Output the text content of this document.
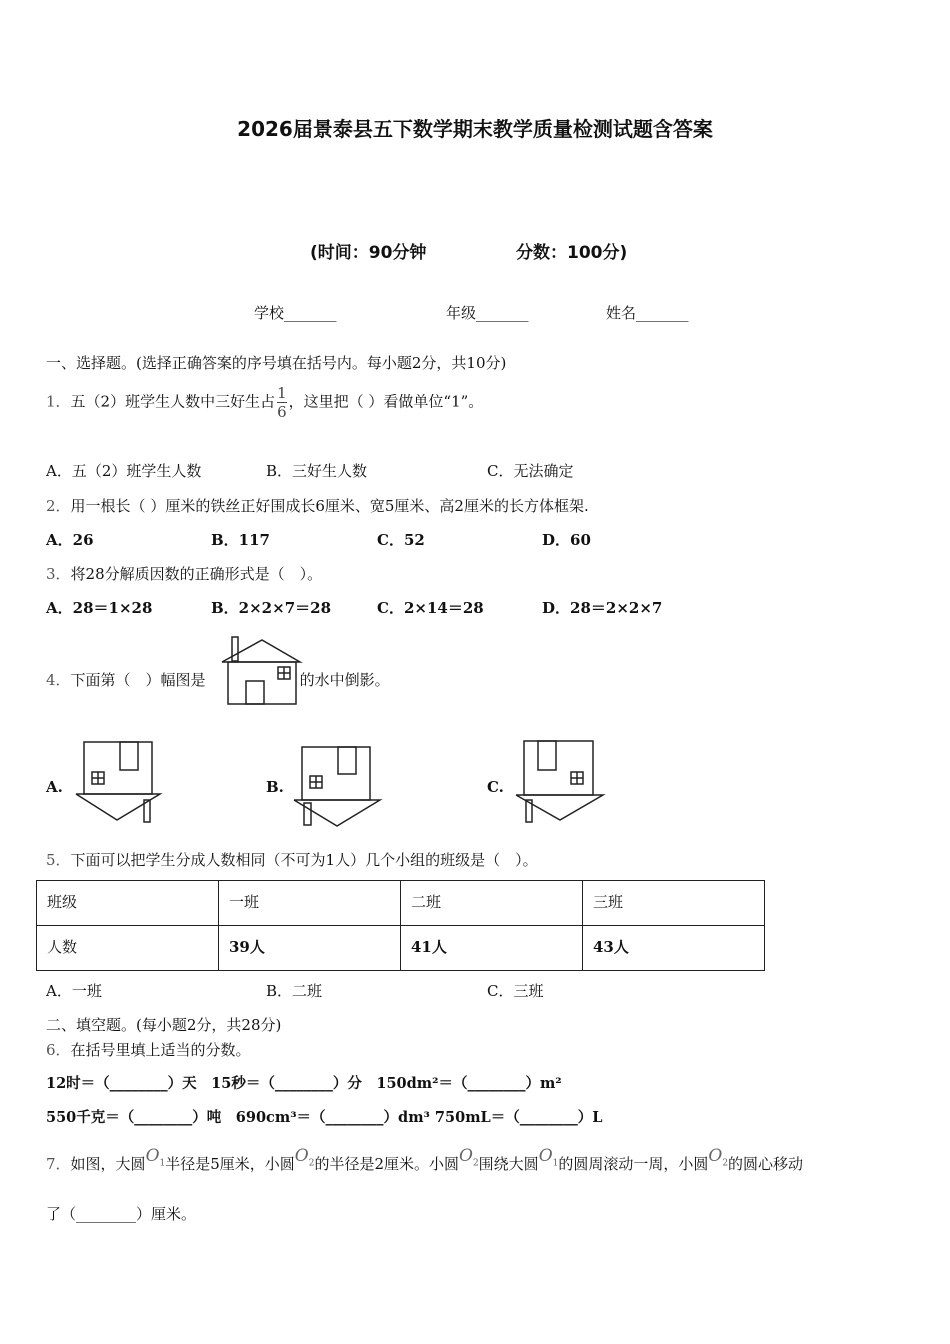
2026届景泰县五下数学期末教学质量检测试题含答案
(时间：90分钟	分数：100分)
学校_______	年级_______	姓名_______
一、选择题。(选择正确答案的序号填在括号内。每小题2分，共10分)
1．五（2）班学生人数中三好生占 $\frac{1}{6}$ ，这里把（ ）看做单位“1”。
A．五（2）班学生人数	B．三好生人数	C．无法确定
2．用一根长（ ）厘米的铁丝正好围成长6厘米、宽5厘米、高2厘米的长方体框架.
A．26	B．117	C．52	D．60
3．将28分解质因数的正确形式是（　）。
A．28＝1×28	B．2×2×7＝28	C．2×14＝28	D．28＝2×2×7
4．下面第（　）幅图是	的水中倒影。
A.	B.	C.
5．下面可以把学生分成人数相同（不可为1人）几个小组的班级是（　）。
班级	一班	二班	三班
人数	39人	41人	43人
A．一班	B．二班	C．三班
二、填空题。(每小题2分，共28分)
6．在括号里填上适当的分数。
12时＝（________）天　15秒＝（________）分　150dm²＝（________）m²
550千克＝（________）吨　690cm³＝（________）dm³ 750mL＝（________）L
7．如图，大圆$O_1$半径是5厘米，小圆$O_2$的半径是2厘米。小圆$O_2$围绕大圆$O_1$的圆周滚动一周，小圆$O_2$的圆心移动
了（________）厘米。
